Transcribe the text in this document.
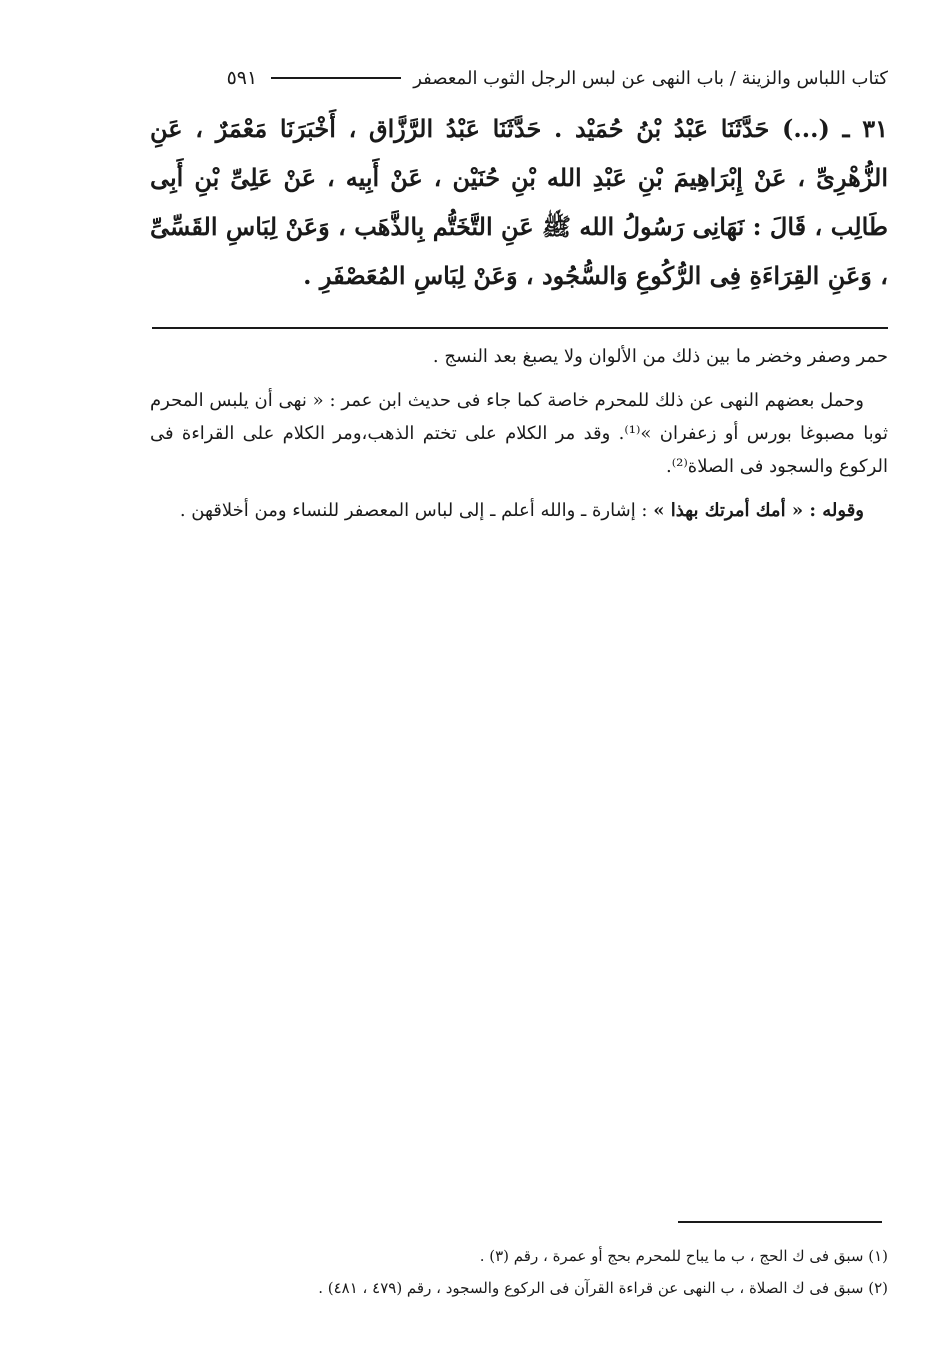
كتاب اللباس والزينة / باب النهى عن لبس الرجل الثوب المعصفر
٥٩١
٣١ ـ (...) حَدَّثَنَا عَبْدُ بْنُ حُمَيْد . حَدَّثَنَا عَبْدُ الرَّزَّاق ، أَخْبَرَنَا مَعْمَرٌ ، عَنِ الزُّهْرِىِّ ، عَنْ إِبْرَاهِيمَ بْنِ عَبْدِ الله بْنِ حُنَيْن ، عَنْ أَبِيه ، عَنْ عَلِىِّ بْنِ أَبِى طَالِب ، قَالَ : نَهَانِى رَسُولُ الله ﷺ عَنِ التَّخَتُّم بِالذَّهَب ، وَعَنْ لِبَاسِ القَسِّىِّ ، وَعَنِ القِرَاءَةِ فِى الرُّكُوعِ وَالسُّجُود ، وَعَنْ لِبَاسِ المُعَصْفَرِ .

حمر وصفر وخضر ما بين ذلك من الألوان ولا يصبغ بعد النسج .

وحمل بعضهم النهى عن ذلك للمحرم خاصة كما جاء فى حديث ابن عمر : « نهى أن يلبس المحرم ثوبا مصبوغا بورس أو زعفران »⁽¹⁾. وقد مر الكلام على تختم الذهب،ومر الكلام على القراءة فى الركوع والسجود فى الصلاة⁽²⁾.

وقوله : « أمك أمرتك بهذا » : إشارة ـ والله أعلم ـ إلى لباس المعصفر للنساء ومن أخلاقهن .

(١) سبق فى ك الحج ، ب ما يباح للمحرم بحج أو عمرة ، رقم (٣) .
(٢) سبق فى ك الصلاة ، ب النهى عن قراءة القرآن فى الركوع والسجود ، رقم (٤٧٩ ، ٤٨١) .
